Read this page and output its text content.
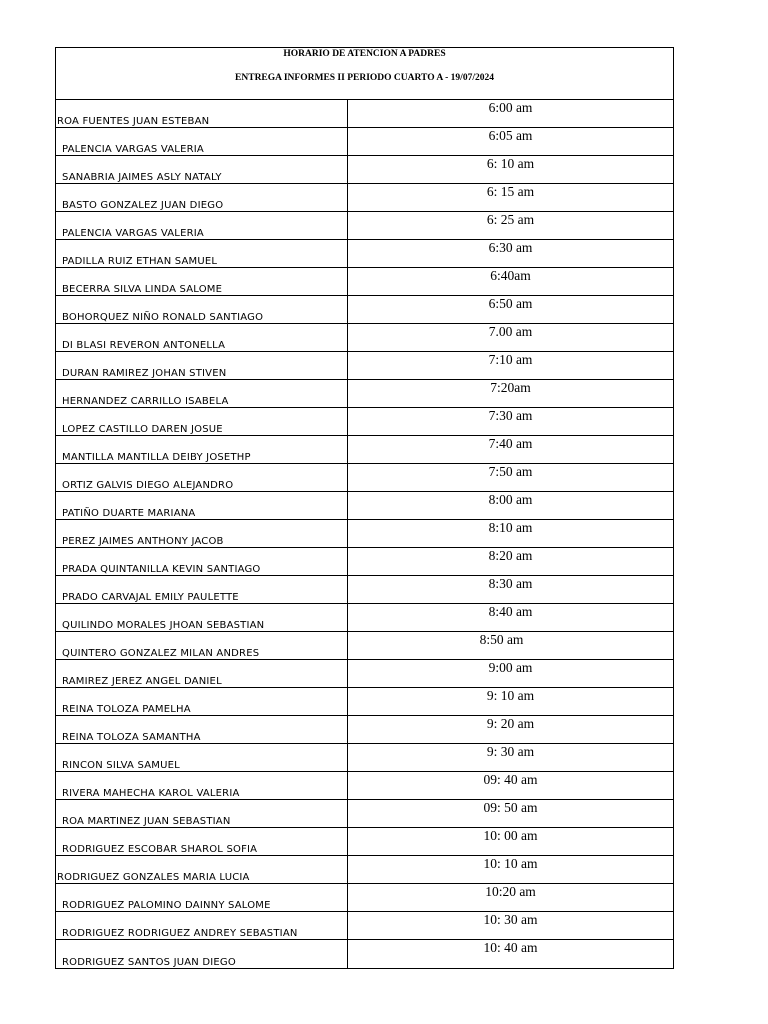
HORARIO DE ATENCION A PADRES
ENTREGA INFORMES II PERIODO CUARTO A - 19/07/2024
ROA FUENTES JUAN ESTEBAN
6:00 am
PALENCIA VARGAS VALERIA
6:05 am
SANABRIA JAIMES ASLY NATALY
6: 10 am
BASTO GONZALEZ JUAN DIEGO
6: 15 am
PALENCIA VARGAS VALERIA
6: 25 am
PADILLA RUIZ ETHAN SAMUEL
6:30 am
BECERRA SILVA LINDA SALOME
6:40am
BOHORQUEZ NIÑO RONALD SANTIAGO
6:50 am
DI BLASI REVERON ANTONELLA
7.00 am
DURAN RAMIREZ JOHAN STIVEN
7:10 am
HERNANDEZ CARRILLO ISABELA
7:20am
LOPEZ CASTILLO DAREN JOSUE
7:30 am
MANTILLA MANTILLA DEIBY JOSETHP
7:40 am
ORTIZ GALVIS DIEGO ALEJANDRO
7:50 am
PATIÑO DUARTE MARIANA
8:00 am
PEREZ JAIMES ANTHONY JACOB
8:10 am
PRADA QUINTANILLA KEVIN SANTIAGO
8:20 am
PRADO CARVAJAL EMILY PAULETTE
8:30 am
QUILINDO MORALES JHOAN SEBASTIAN
8:40 am
QUINTERO GONZALEZ MILAN ANDRES
8:50 am
RAMIREZ JEREZ ANGEL DANIEL
9:00 am
REINA TOLOZA PAMELHA
9: 10 am
REINA TOLOZA SAMANTHA
9: 20 am
RINCON SILVA SAMUEL
9: 30 am
RIVERA MAHECHA KAROL VALERIA
09: 40 am
ROA MARTINEZ JUAN SEBASTIAN
09: 50 am
RODRIGUEZ ESCOBAR SHAROL SOFIA
10: 00 am
RODRIGUEZ GONZALES MARIA LUCIA
10: 10 am
RODRIGUEZ PALOMINO DAINNY SALOME
10:20 am
RODRIGUEZ RODRIGUEZ ANDREY SEBASTIAN
10: 30 am
RODRIGUEZ SANTOS JUAN DIEGO
10: 40 am
